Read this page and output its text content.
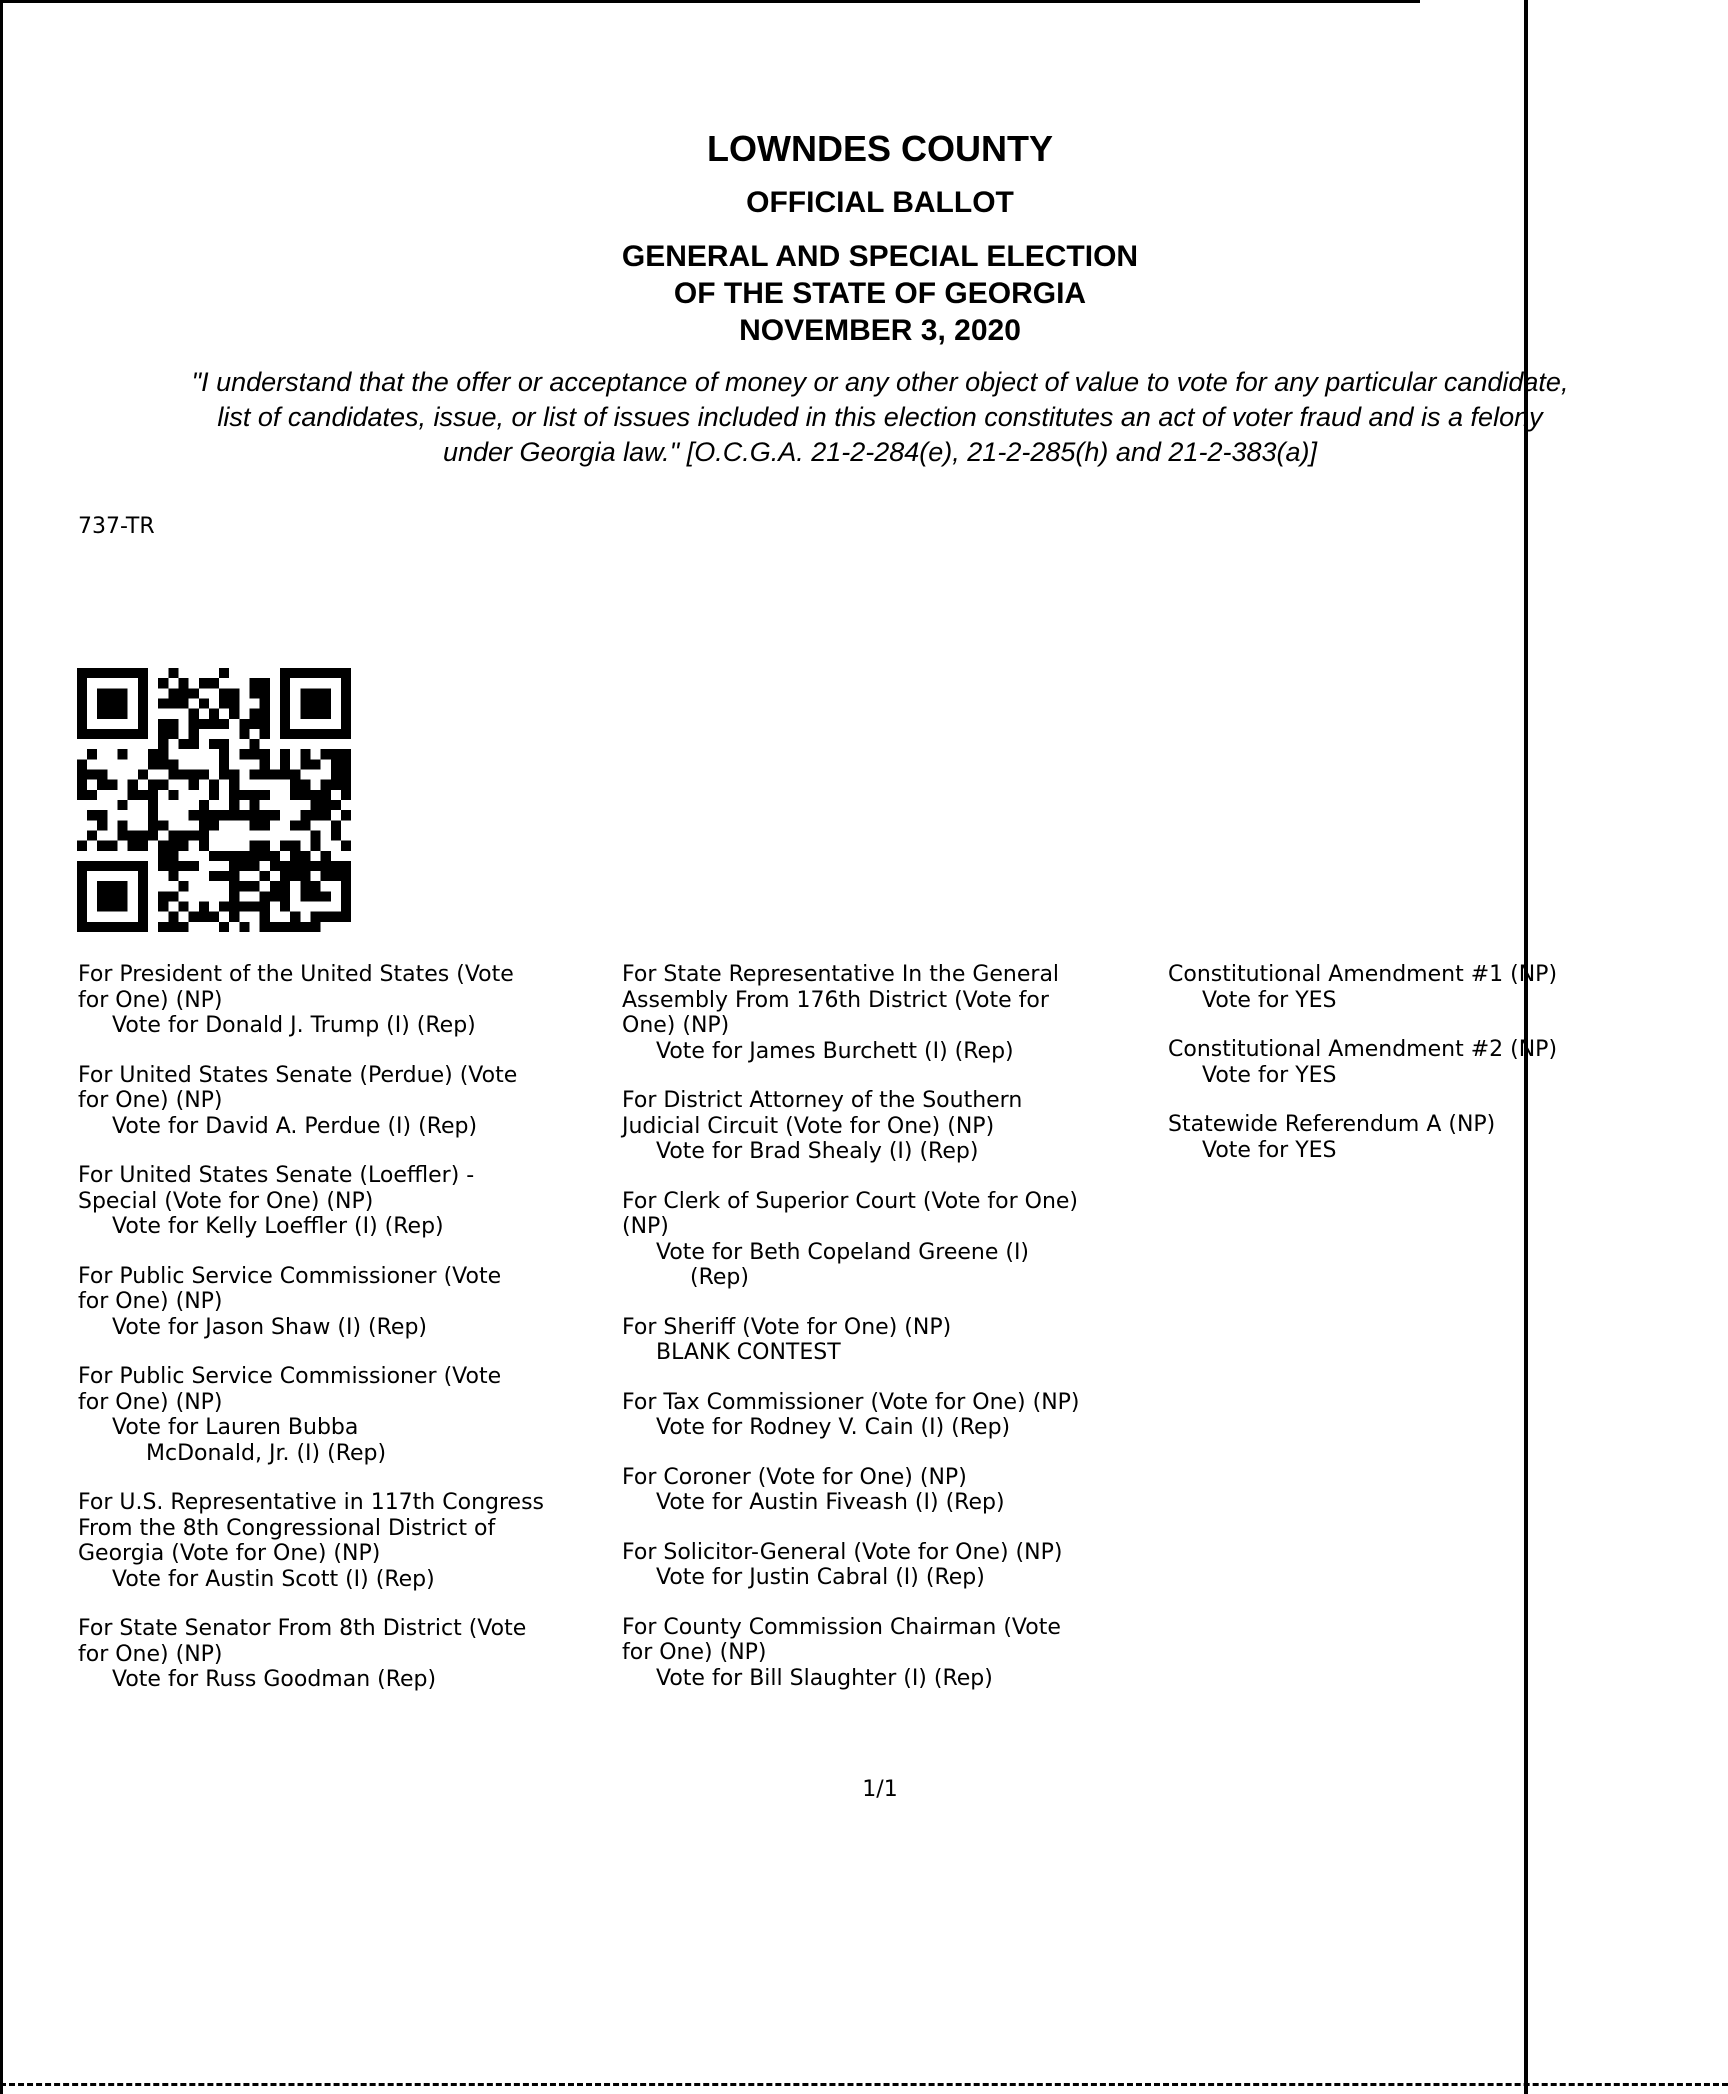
LOWNDES COUNTY
OFFICIAL BALLOT
GENERAL AND SPECIAL ELECTION
OF THE STATE OF GEORGIA
NOVEMBER 3, 2020
"I understand that the offer or acceptance of money or any other object of value to vote for any particular candidate,
list of candidates, issue, or list of issues included in this election constitutes an act of voter fraud and is a felony
under Georgia law." [O.C.G.A. 21-2-284(e), 21-2-285(h) and 21-2-383(a)]
737-TR
For President of the United States (Vote
for One) (NP)
Vote for Donald J. Trump (I) (Rep)
For United States Senate (Perdue) (Vote
for One) (NP)
Vote for David A. Perdue (I) (Rep)
For United States Senate (Loeffler) -
Special (Vote for One) (NP)
Vote for Kelly Loeffler (I) (Rep)
For Public Service Commissioner (Vote
for One) (NP)
Vote for Jason Shaw (I) (Rep)
For Public Service Commissioner (Vote
for One) (NP)
Vote for Lauren Bubba
McDonald, Jr. (I) (Rep)
For U.S. Representative in 117th Congress
From the 8th Congressional District of
Georgia (Vote for One) (NP)
Vote for Austin Scott (I) (Rep)
For State Senator From 8th District (Vote
for One) (NP)
Vote for Russ Goodman (Rep)
For State Representative In the General
Assembly From 176th District (Vote for
One) (NP)
Vote for James Burchett (I) (Rep)
For District Attorney of the Southern
Judicial Circuit (Vote for One) (NP)
Vote for Brad Shealy (I) (Rep)
For Clerk of Superior Court (Vote for One)
(NP)
Vote for Beth Copeland Greene (I)
(Rep)
For Sheriff (Vote for One) (NP)
BLANK CONTEST
For Tax Commissioner (Vote for One) (NP)
Vote for Rodney V. Cain (I) (Rep)
For Coroner (Vote for One) (NP)
Vote for Austin Fiveash (I) (Rep)
For Solicitor-General (Vote for One) (NP)
Vote for Justin Cabral (I) (Rep)
For County Commission Chairman (Vote
for One) (NP)
Vote for Bill Slaughter (I) (Rep)
Constitutional Amendment #1 (NP)
Vote for YES
Constitutional Amendment #2 (NP)
Vote for YES
Statewide Referendum A (NP)
Vote for YES
1/1
